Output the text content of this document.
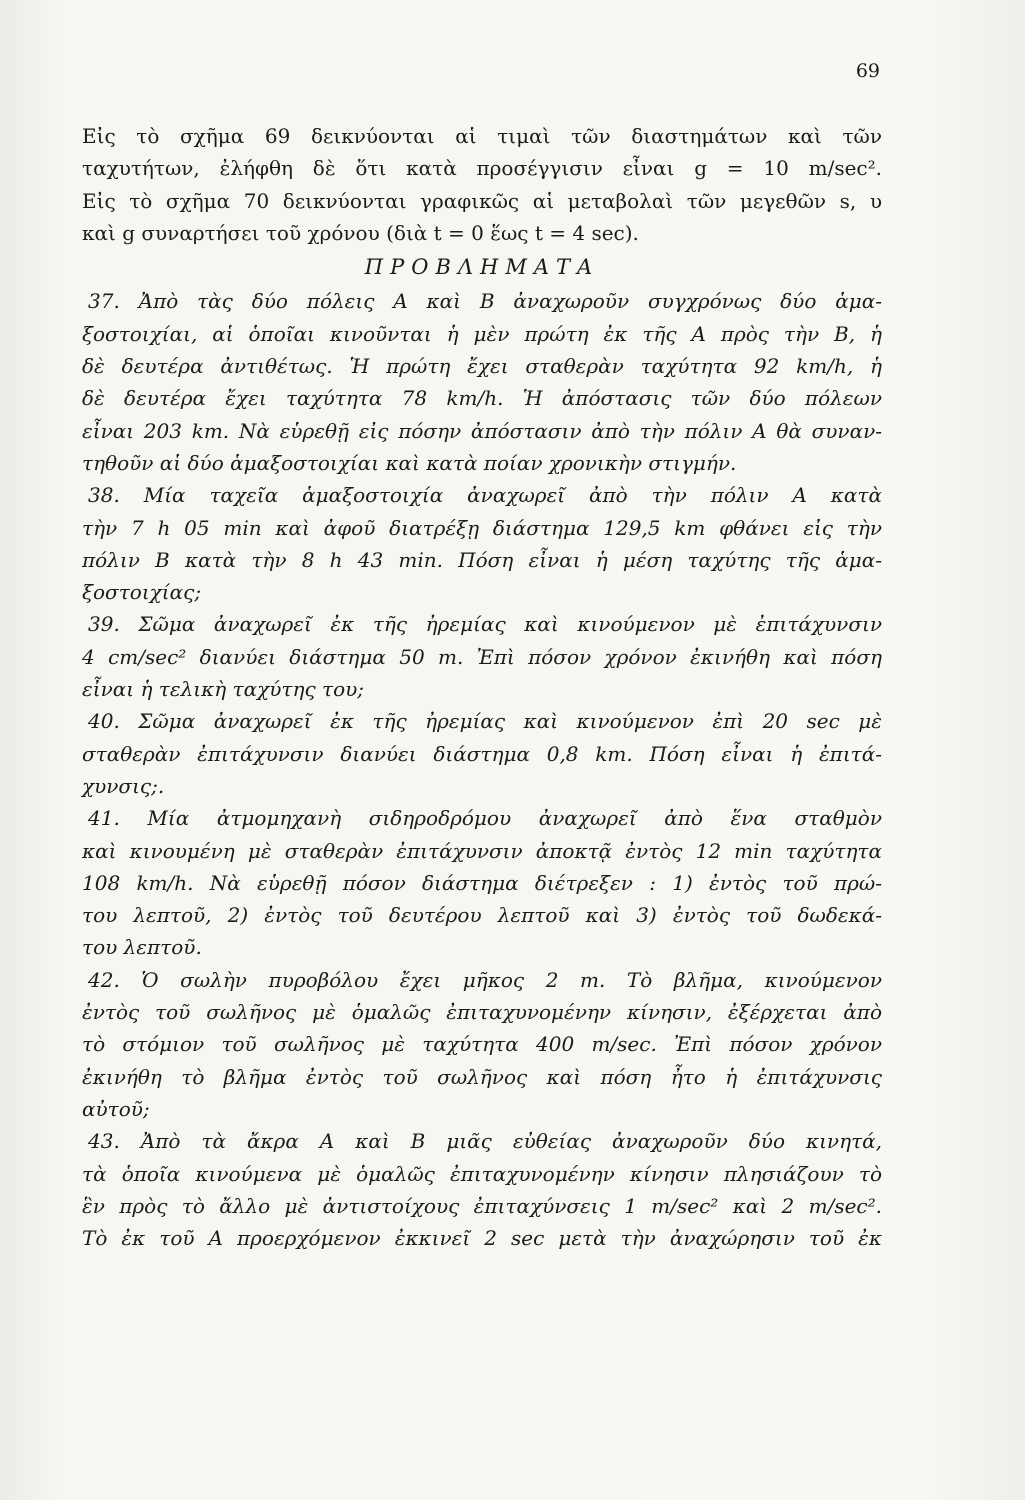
69
Εἰς τὸ σχῆμα 69 δεικνύονται αἱ τιμαὶ τῶν διαστημάτων καὶ τῶν
ταχυτήτων, ἐλήφθη δὲ ὅτι κατὰ προσέγγισιν εἶναι g = 10 m/sec².
Εἰς τὸ σχῆμα 70 δεικνύονται γραφικῶς αἱ μεταβολαὶ τῶν μεγεθῶν s, υ
καὶ g συναρτήσει τοῦ χρόνου (διὰ t = 0 ἕως t = 4 sec).
ΠΡΟΒΛΗΜΑΤΑ
37. Ἀπὸ τὰς δύο πόλεις A καὶ B ἀναχωροῦν συγχρόνως δύο ἁμα-
ξοστοιχίαι, αἱ ὁποῖαι κινοῦνται ἡ μὲν πρώτη ἐκ τῆς A πρὸς τὴν B, ἡ
δὲ δευτέρα ἀντιθέτως. Ἡ πρώτη ἔχει σταθερὰν ταχύτητα 92 km/h, ἡ
δὲ δευτέρα ἔχει ταχύτητα 78 km/h. Ἡ ἀπόστασις τῶν δύο πόλεων
εἶναι 203 km. Νὰ εὑρεθῇ εἰς πόσην ἀπόστασιν ἀπὸ τὴν πόλιν A θὰ συναν-
τηθοῦν αἱ δύο ἁμαξοστοιχίαι καὶ κατὰ ποίαν χρονικὴν στιγμήν.
38. Μία ταχεῖα ἁμαξοστοιχία ἀναχωρεῖ ἀπὸ τὴν πόλιν A κατὰ
τὴν 7 h 05 min καὶ ἀφοῦ διατρέξῃ διάστημα 129,5 km φθάνει εἰς τὴν
πόλιν B κατὰ τὴν 8 h 43 min. Πόση εἶναι ἡ μέση ταχύτης τῆς ἁμα-
ξοστοιχίας;
39. Σῶμα ἀναχωρεῖ ἐκ τῆς ἠρεμίας καὶ κινούμενον μὲ ἐπιτάχυνσιν
4 cm/sec² διανύει διάστημα 50 m. Ἐπὶ πόσον χρόνον ἐκινήθη καὶ πόση
εἶναι ἡ τελικὴ ταχύτης του;
40. Σῶμα ἀναχωρεῖ ἐκ τῆς ἠρεμίας καὶ κινούμενον ἐπὶ 20 sec μὲ
σταθερὰν ἐπιτάχυνσιν διανύει διάστημα 0,8 km. Πόση εἶναι ἡ ἐπιτά-
χυνσις;.
41. Μία ἀτμομηχανὴ σιδηροδρόμου ἀναχωρεῖ ἀπὸ ἕνα σταθμὸν
καὶ κινουμένη μὲ σταθερὰν ἐπιτάχυνσιν ἀποκτᾷ ἐντὸς 12 min ταχύτητα
108 km/h. Νὰ εὑρεθῇ πόσον διάστημα διέτρεξεν : 1) ἐντὸς τοῦ πρώ-
του λεπτοῦ, 2) ἐντὸς τοῦ δευτέρου λεπτοῦ καὶ 3) ἐντὸς τοῦ δωδεκά-
του λεπτοῦ.
42. Ὁ σωλὴν πυροβόλου ἔχει μῆκος 2 m. Τὸ βλῆμα, κινούμενον
ἐντὸς τοῦ σωλῆνος μὲ ὁμαλῶς ἐπιταχυνομένην κίνησιν, ἐξέρχεται ἀπὸ
τὸ στόμιον τοῦ σωλῆνος μὲ ταχύτητα 400 m/sec. Ἐπὶ πόσον χρόνον
ἐκινήθη τὸ βλῆμα ἐντὸς τοῦ σωλῆνος καὶ πόση ἦτο ἡ ἐπιτάχυνσις
αὐτοῦ;
43. Ἀπὸ τὰ ἄκρα A καὶ B μιᾶς εὐθείας ἀναχωροῦν δύο κινητά,
τὰ ὁποῖα κινούμενα μὲ ὁμαλῶς ἐπιταχυνομένην κίνησιν πλησιάζουν τὸ
ἓν πρὸς τὸ ἄλλο μὲ ἀντιστοίχους ἐπιταχύνσεις 1 m/sec² καὶ 2 m/sec².
Τὸ ἐκ τοῦ A προερχόμενον ἐκκινεῖ 2 sec μετὰ τὴν ἀναχώρησιν τοῦ ἐκ
